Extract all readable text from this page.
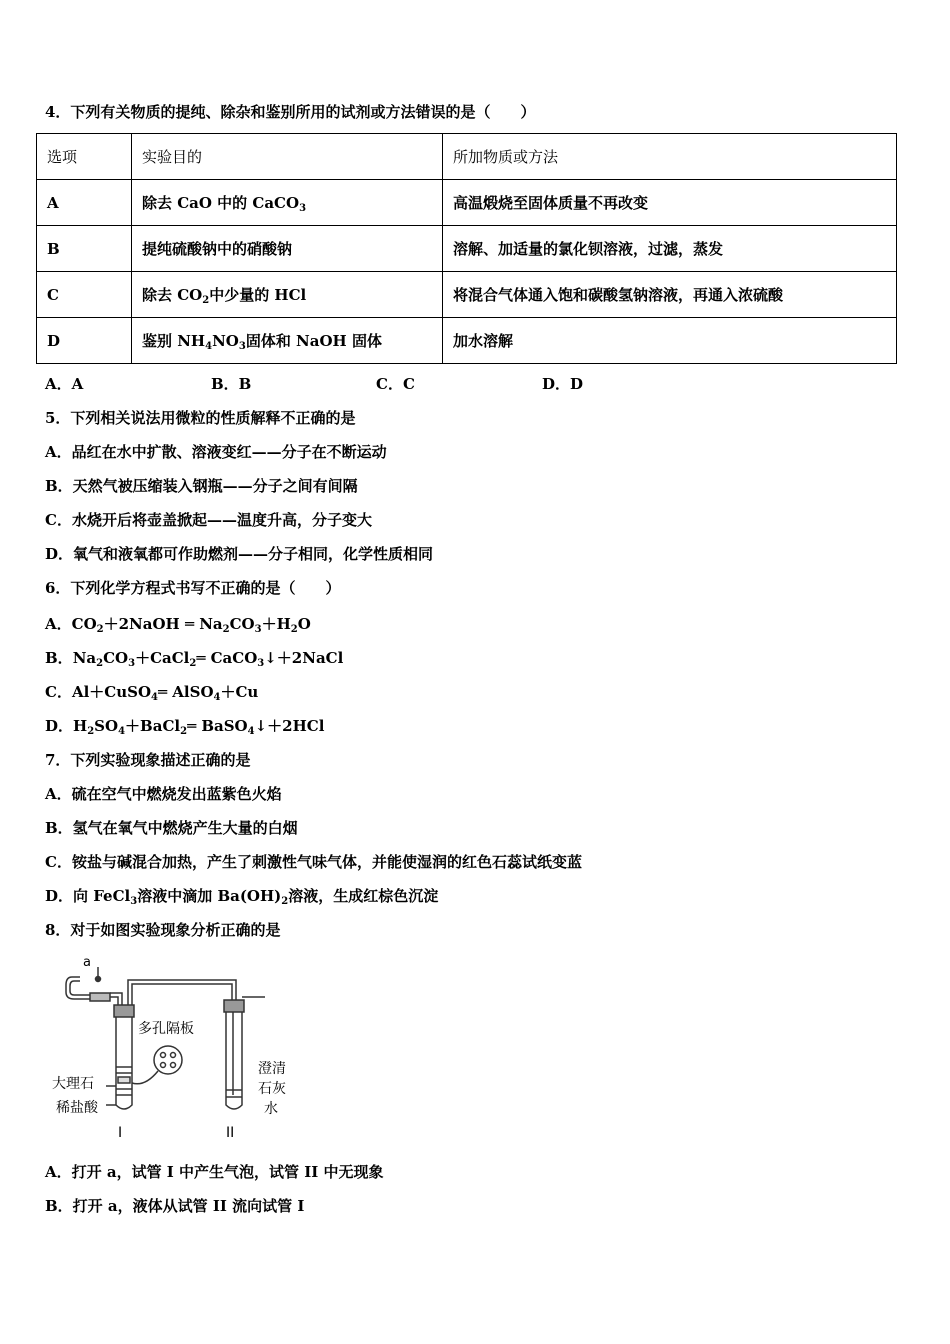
4．下列有关物质的提纯、除杂和鉴别所用的试剂或方法错误的是（　　）
选项	实验目的	所加物质或方法
A	除去 CaO 中的 CaCO$_3$	高温煅烧至固体质量不再改变
B	提纯硫酸钠中的硝酸钠	溶解、加适量的氯化钡溶液，过滤，蒸发
C	除去 $CO_2$中少量的 HCl	将混合气体通入饱和碳酸氢钠溶液，再通入浓硫酸
D	鉴别 $NH_4NO_3$固体和 NaOH 固体	加水溶解
A．A	B．B	C．C	D．D
5．下列相关说法用微粒的性质解释不正确的是
A．品红在水中扩散、溶液变红——分子在不断运动
B．天然气被压缩装入钢瓶——分子之间有间隔
C．水烧开后将壶盖掀起——温度升高，分子变大
D．氧气和液氧都可作助燃剂——分子相同，化学性质相同
6．下列化学方程式书写不正确的是（　　）
A．$CO_2+2NaOH$ ═ $Na_2CO_3+H_2O$
B．$Na_2CO_3+CaCl_2═$ CaCO$_3$↓＋2NaCl
C．Al＋CuSO$_4$═ AlSO$_4$＋Cu
D．$H_2SO_4+BaCl_2═$ BaSO$_4$↓＋2HCl
7．下列实验现象描述正确的是
A．硫在空气中燃烧发出蓝紫色火焰
B．氢气在氧气中燃烧产生大量的白烟
C．铵盐与碱混合加热，产生了刺激性气味气体，并能使湿润的红色石蕊试纸变蓝
D．向 FeCl$_3$溶液中滴加 $Ba(OH)_2$溶液，生成红棕色沉淀
8．对于如图实验现象分析正确的是
a
多孔隔板
大理石
稀盐酸
澄清
石灰
水
I	II
A．打开 a，试管 I 中产生气泡，试管 II 中无现象
B．打开 a，液体从试管 II 流向试管 I
